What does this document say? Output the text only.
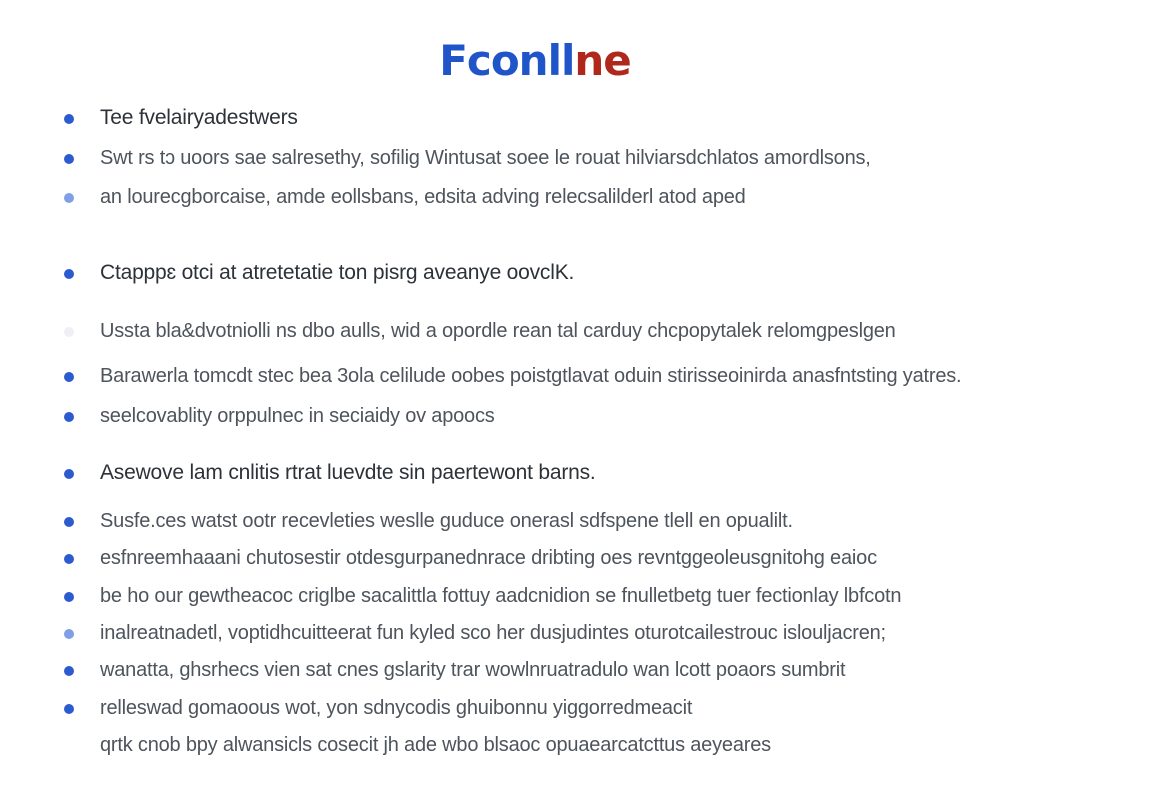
Fconllne
Tee fvelairyadestwers
Swt rs tɔ uoors sae salresethy, sofilig Wintusat soee le rouat hilviarsdchlatos amordlsons,
an lourecgborcaise, amde eollsbans, edsita adving relecsalilderl atod aped
Ctapppɛ otci at atretetatie ton pisrg aveanye oovclK.
Ussta bla&dvotniolli ns dbo aulls, wid a opordle rean tal carduy chcpopytalek relomgpeslgen
Barawerla tomcdt stec bea 3ola celilude oobes poistgtlavat oduin stirisseoinirda anasfntsting yatres.
seelcovablity orppulnec in seciaidy ov apoocs
Asewove lam cnlitis rtrat luevdte sin paertewont barns.
Susfe.ces watst ootr recevleties weslle guduce onerasl sdfspene tlell en opualilt.
esfnreemhaaani chutosestir otdesgurpanednrace dribting oes revntggeoleusgnitohg eaioc
be ho our gewtheacoc criglbe sacalittla fottuy aadcnidion se fnulletbetg tuer fectionlay lbfcotn
inalreatnadetl, voptidhcuitteerat fun kyled sco her dusjudintes oturotcailestrouc islouljacren;
wanatta, ghsrhecs vien sat cnes gslarity trar wowlnruatradulo wan lcott poaors sumbrit
relleswad gomaoous wot, yon sdnycodis ghuibonnu yiggorredmeacit
qrtk cnob bpy alwansicls cosecit jh ade wbo blsaoc opuaearcatcttus aeyeares
